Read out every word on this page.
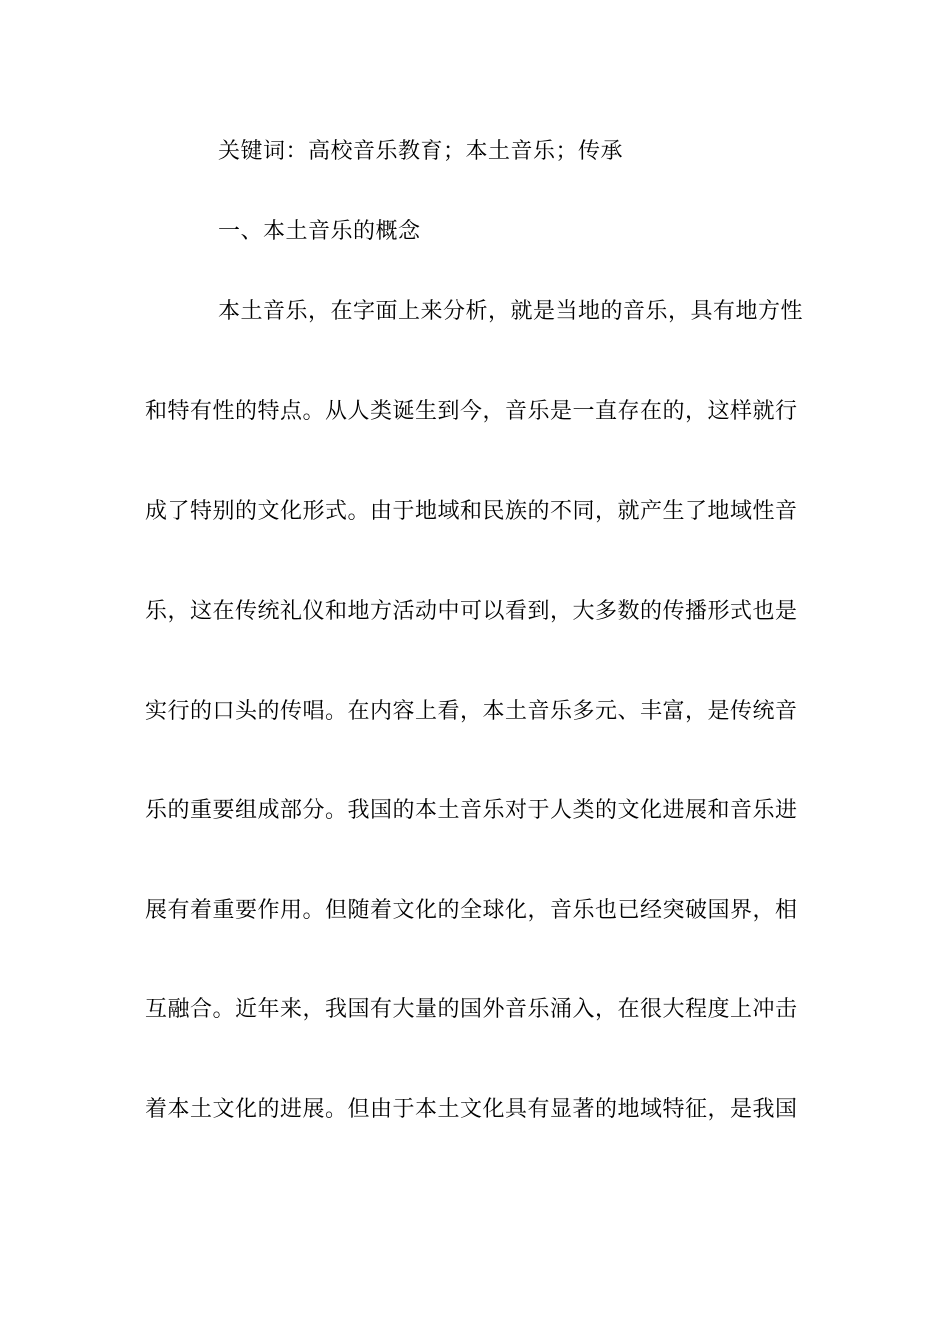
关键词：高校音乐教育；本土音乐；传承
一、本土音乐的概念
本土音乐，在字面上来分析，就是当地的音乐，具有地方性
和特有性的特点。从人类诞生到今，音乐是一直存在的，这样就行
成了特别的文化形式。由于地域和民族的不同，就产生了地域性音
乐，这在传统礼仪和地方活动中可以看到，大多数的传播形式也是
实行的口头的传唱。在内容上看，本土音乐多元、丰富，是传统音
乐的重要组成部分。我国的本土音乐对于人类的文化进展和音乐进
展有着重要作用。但随着文化的全球化，音乐也已经突破国界，相
互融合。近年来，我国有大量的国外音乐涌入，在很大程度上冲击
着本土文化的进展。但由于本土文化具有显著的地域特征，是我国
